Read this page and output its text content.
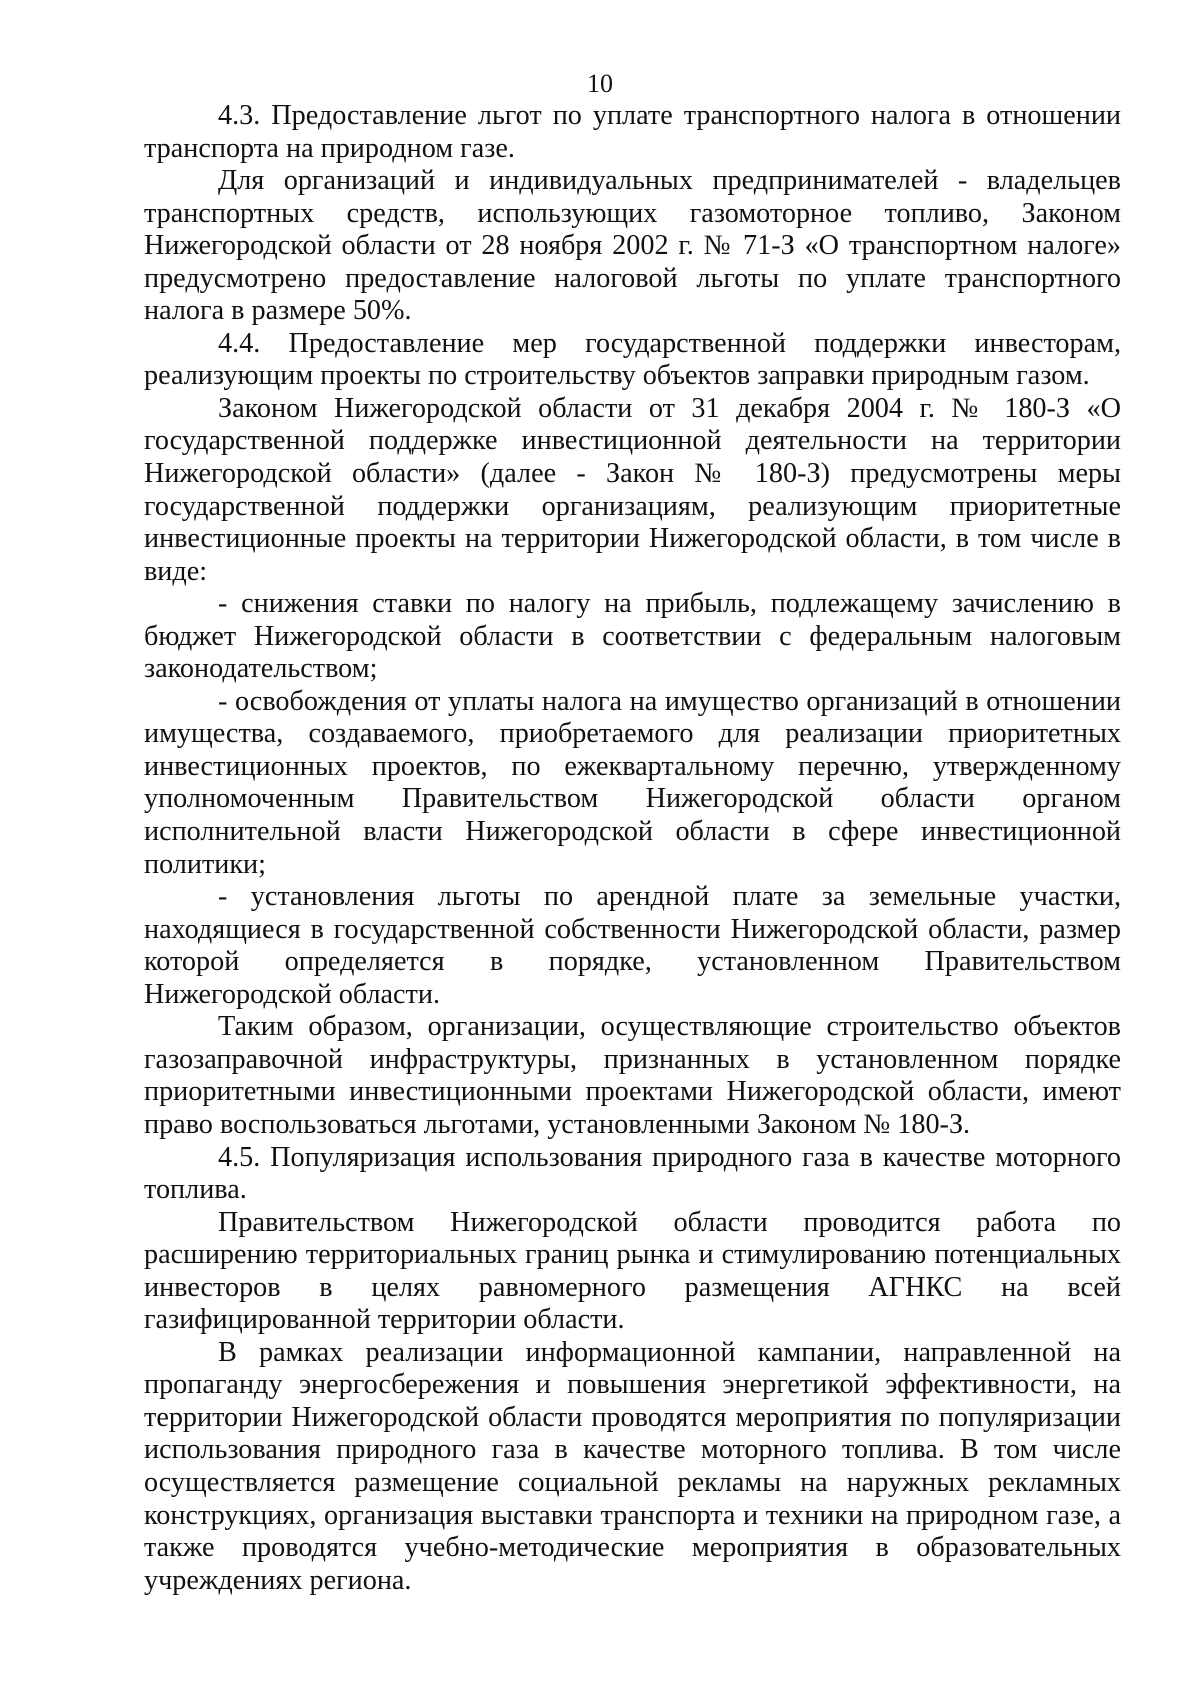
10

4.3. Предоставление льгот по уплате транспортного налога в отношении транспорта на природном газе.

Для организаций и индивидуальных предпринимателей - владельцев транспортных средств, использующих газомоторное топливо, Законом Нижегородской области от 28 ноября 2002 г. № 71-З «О транспортном налоге» предусмотрено предоставление налоговой льготы по уплате транспортного налога в размере 50%.

4.4. Предоставление мер государственной поддержки инвесторам, реализующим проекты по строительству объектов заправки природным газом.

Законом Нижегородской области от 31 декабря 2004 г. № 180-З «О государственной поддержке инвестиционной деятельности на территории Нижегородской области» (далее - Закон № 180-З) предусмотрены меры государственной поддержки организациям, реализующим приоритетные инвестиционные проекты на территории Нижегородской области, в том числе в виде:

- снижения ставки по налогу на прибыль, подлежащему зачислению в бюджет Нижегородской области в соответствии с федеральным налоговым законодательством;

- освобождения от уплаты налога на имущество организаций в отношении имущества, создаваемого, приобретаемого для реализации приоритетных инвестиционных проектов, по ежеквартальному перечню, утвержденному уполномоченным Правительством Нижегородской области органом исполнительной власти Нижегородской области в сфере инвестиционной политики;

- установления льготы по арендной плате за земельные участки, находящиеся в государственной собственности Нижегородской области, размер которой определяется в порядке, установленном Правительством Нижегородской области.

Таким образом, организации, осуществляющие строительство объектов газозаправочной инфраструктуры, признанных в установленном порядке приоритетными инвестиционными проектами Нижегородской области, имеют право воспользоваться льготами, установленными Законом № 180-З.

4.5. Популяризация использования природного газа в качестве моторного топлива.

Правительством Нижегородской области проводится работа по расширению территориальных границ рынка и стимулированию потенциальных инвесторов в целях равномерного размещения АГНКС на всей газифицированной территории области.

В рамках реализации информационной кампании, направленной на пропаганду энергосбережения и повышения энергетикой эффективности, на территории Нижегородской области проводятся мероприятия по популяризации использования природного газа в качестве моторного топлива. В том числе осуществляется размещение социальной рекламы на наружных рекламных конструкциях, организация выставки транспорта и техники на природном газе, а также проводятся учебно-методические мероприятия в образовательных учреждениях региона.
